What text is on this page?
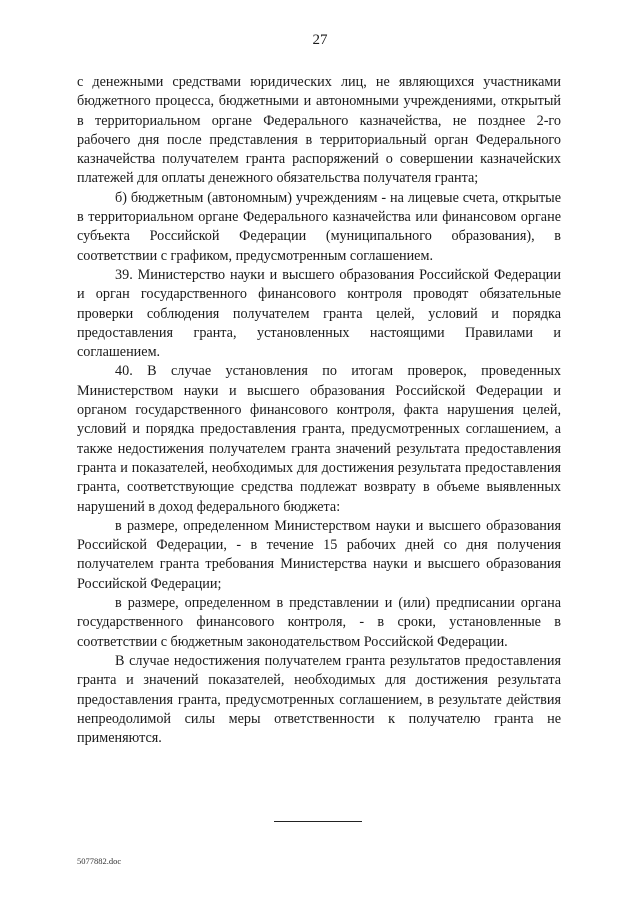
27

с денежными средствами юридических лиц, не являющихся участниками бюджетного процесса, бюджетными и автономными учреждениями, открытый в территориальном органе Федерального казначейства, не позднее 2-го рабочего дня после представления в территориальный орган Федерального казначейства получателем гранта распоряжений о совершении казначейских платежей для оплаты денежного обязательства получателя гранта;

б) бюджетным (автономным) учреждениям - на лицевые счета, открытые в территориальном органе Федерального казначейства или финансовом органе субъекта Российской Федерации (муниципального образования), в соответствии с графиком, предусмотренным соглашением.

39. Министерство науки и высшего образования Российской Федерации и орган государственного финансового контроля проводят обязательные проверки соблюдения получателем гранта целей, условий и порядка предоставления гранта, установленных настоящими Правилами и соглашением.

40. В случае установления по итогам проверок, проведенных Министерством науки и высшего образования Российской Федерации и органом государственного финансового контроля, факта нарушения целей, условий и порядка предоставления гранта, предусмотренных соглашением, а также недостижения получателем гранта значений результата предоставления гранта и показателей, необходимых для достижения результата предоставления гранта, соответствующие средства подлежат возврату в объеме выявленных нарушений в доход федерального бюджета:

в размере, определенном Министерством науки и высшего образования Российской Федерации, - в течение 15 рабочих дней со дня получения получателем гранта требования Министерства науки и высшего образования Российской Федерации;

в размере, определенном в представлении и (или) предписании органа государственного финансового контроля, - в сроки, установленные в соответствии с бюджетным законодательством Российской Федерации.

В случае недостижения получателем гранта результатов предоставления гранта и значений показателей, необходимых для достижения результата предоставления гранта, предусмотренных соглашением, в результате действия непреодолимой силы меры ответственности к получателю гранта не применяются.

5077882.doc
